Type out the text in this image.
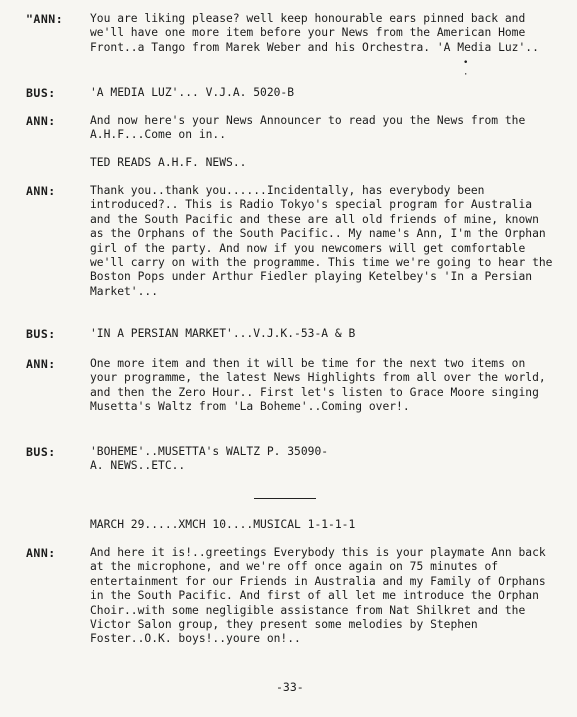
"ANN: You are liking please? well keep honourable ears pinned back and we'll have one more item before your News from the American Home Front..a Tango from Marek Weber and his Orchestra. 'A Media Luz'..
BUS:	'A MEDIA LUZ'... V.J.A. 5020-B
ANN:	And now here's your News Announcer to read you the News from the A.H.F...Come on in..
TED READS A.H.F. NEWS..
ANN:	Thank you..thank you......Incidentally, has everybody been introduced?.. This is Radio Tokyo's special program for Australia and the South Pacific and these are all old friends of mine, known as the Orphans of the South Pacific.. My name's Ann, I'm the Orphan girl of the party. And now if you newcomers will get comfortable we'll carry on with the programme. This time we're going to hear the Boston Pops under Arthur Fiedler playing Ketelbey's 'In a Persian Market'...
BUS:	'IN A PERSIAN MARKET'...V.J.K.-53-A & B
ANN:	One more item and then it will be time for the next two items on your programme, the latest News Highlights from all over the world, and then the Zero Hour.. First let's listen to Grace Moore singing Musetta's Waltz from 'La Boheme'..Coming over!.
BUS:	'BOHEME'..MUSETTA's WALTZ P. 35090-A. NEWS..ETC..
MARCH 29.....XMCH 10....MUSICAL 1-1-1-1
ANN:	And here it is!..greetings Everybody this is your playmate Ann back at the microphone, and we're off once again on 75 minutes of entertainment for our Friends in Australia and my Family of Orphans in the South Pacific. And first of all let me introduce the Orphan Choir..with some negligible assistance from Nat Shilkret and the Victor Salon group, they present some melodies by Stephen Foster..O.K. boys!..youre on!..
-33-
•
·
